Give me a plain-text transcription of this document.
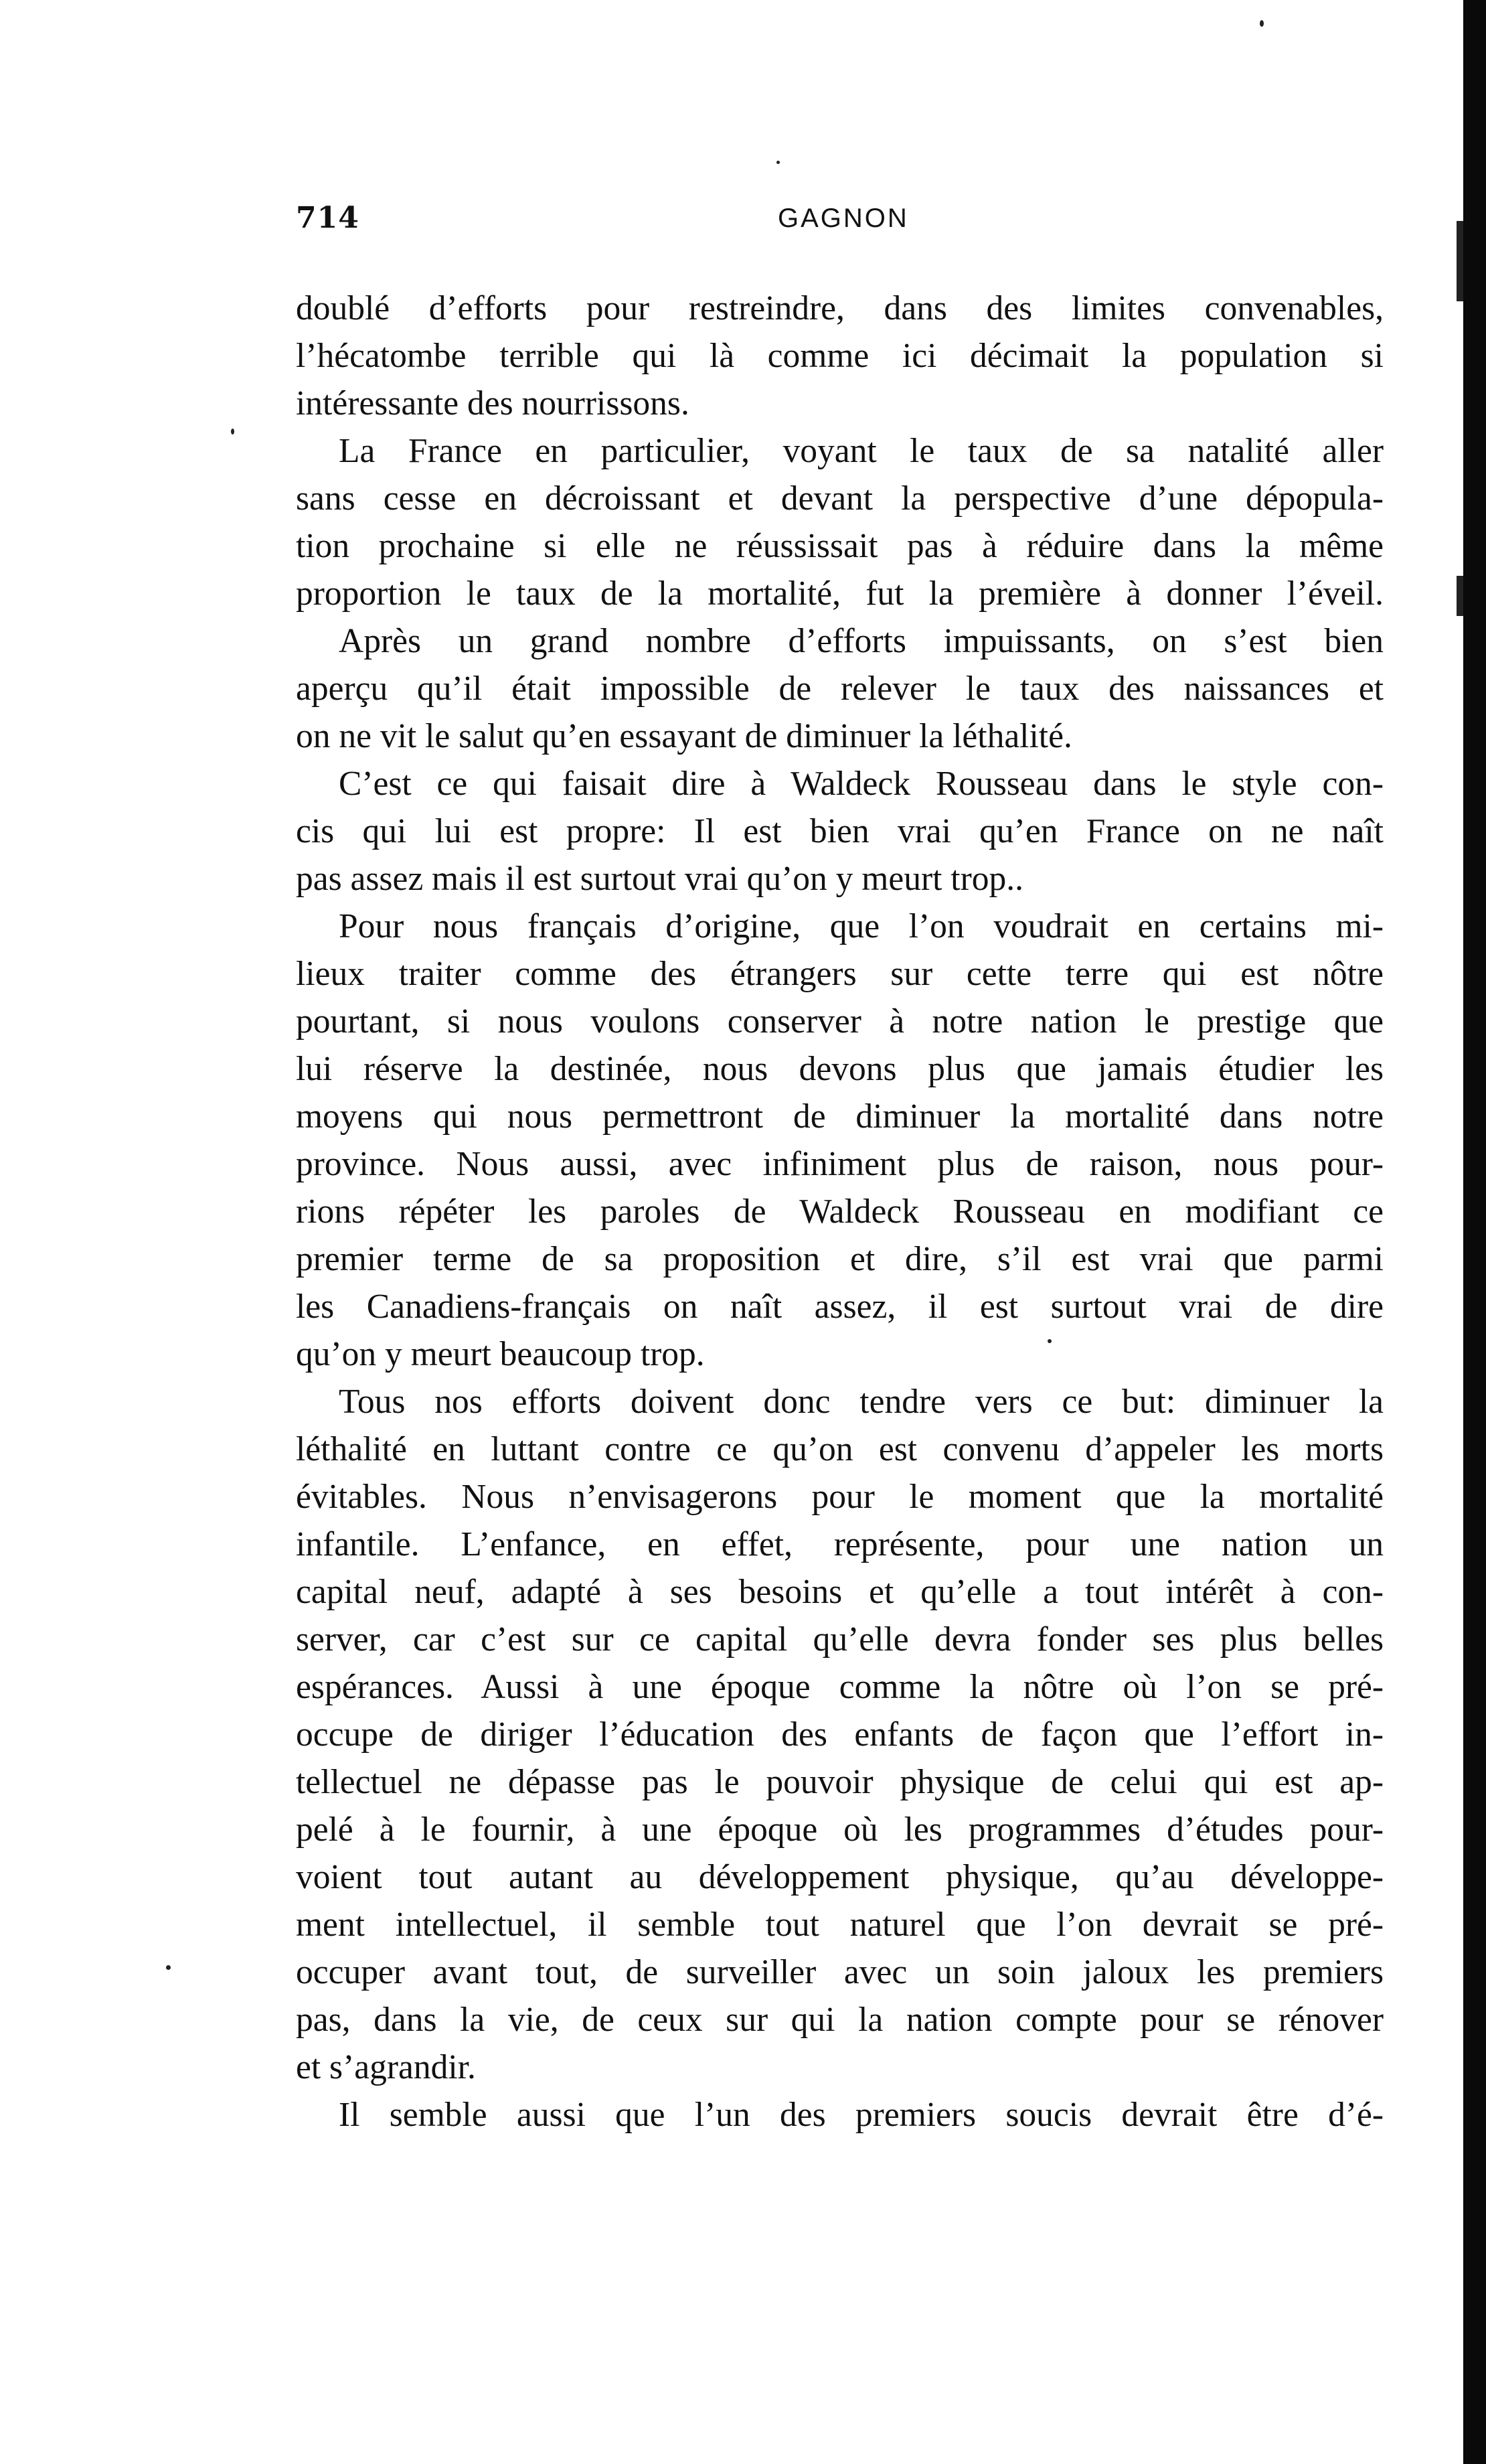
714	GAGNON
doublé d’efforts pour restreindre, dans des limites convenables,
l’hécatombe terrible qui là comme ici décimait la population si
intéressante des nourrissons.
La France en particulier, voyant le taux de sa natalité aller
sans cesse en décroissant et devant la perspective d’une dépopula-
tion prochaine si elle ne réussissait pas à réduire dans la même
proportion le taux de la mortalité, fut la première à donner l’éveil.
Après un grand nombre d’efforts impuissants, on s’est bien
aperçu qu’il était impossible de relever le taux des naissances et
on ne vit le salut qu’en essayant de diminuer la léthalité.
C’est ce qui faisait dire à Waldeck Rousseau dans le style con-
cis qui lui est propre: Il est bien vrai qu’en France on ne naît
pas assez mais il est surtout vrai qu’on y meurt trop..
Pour nous français d’origine, que l’on voudrait en certains mi-
lieux traiter comme des étrangers sur cette terre qui est nôtre
pourtant, si nous voulons conserver à notre nation le prestige que
lui réserve la destinée, nous devons plus que jamais étudier les
moyens qui nous permettront de diminuer la mortalité dans notre
province. Nous aussi, avec infiniment plus de raison, nous pour-
rions répéter les paroles de Waldeck Rousseau en modifiant ce
premier terme de sa proposition et dire, s’il est vrai que parmi
les Canadiens-français on naît assez, il est surtout vrai de dire
qu’on y meurt beaucoup trop.
Tous nos efforts doivent donc tendre vers ce but: diminuer la
léthalité en luttant contre ce qu’on est convenu d’appeler les morts
évitables. Nous n’envisagerons pour le moment que la mortalité
infantile. L’enfance, en effet, représente, pour une nation un
capital neuf, adapté à ses besoins et qu’elle a tout intérêt à con-
server, car c’est sur ce capital qu’elle devra fonder ses plus belles
espérances. Aussi à une époque comme la nôtre où l’on se pré-
occupe de diriger l’éducation des enfants de façon que l’effort in-
tellectuel ne dépasse pas le pouvoir physique de celui qui est ap-
pelé à le fournir, à une époque où les programmes d’études pour-
voient tout autant au développement physique, qu’au développe-
ment intellectuel, il semble tout naturel que l’on devrait se pré-
occuper avant tout, de surveiller avec un soin jaloux les premiers
pas, dans la vie, de ceux sur qui la nation compte pour se rénover
et s’agrandir.
Il semble aussi que l’un des premiers soucis devrait être d’é-
